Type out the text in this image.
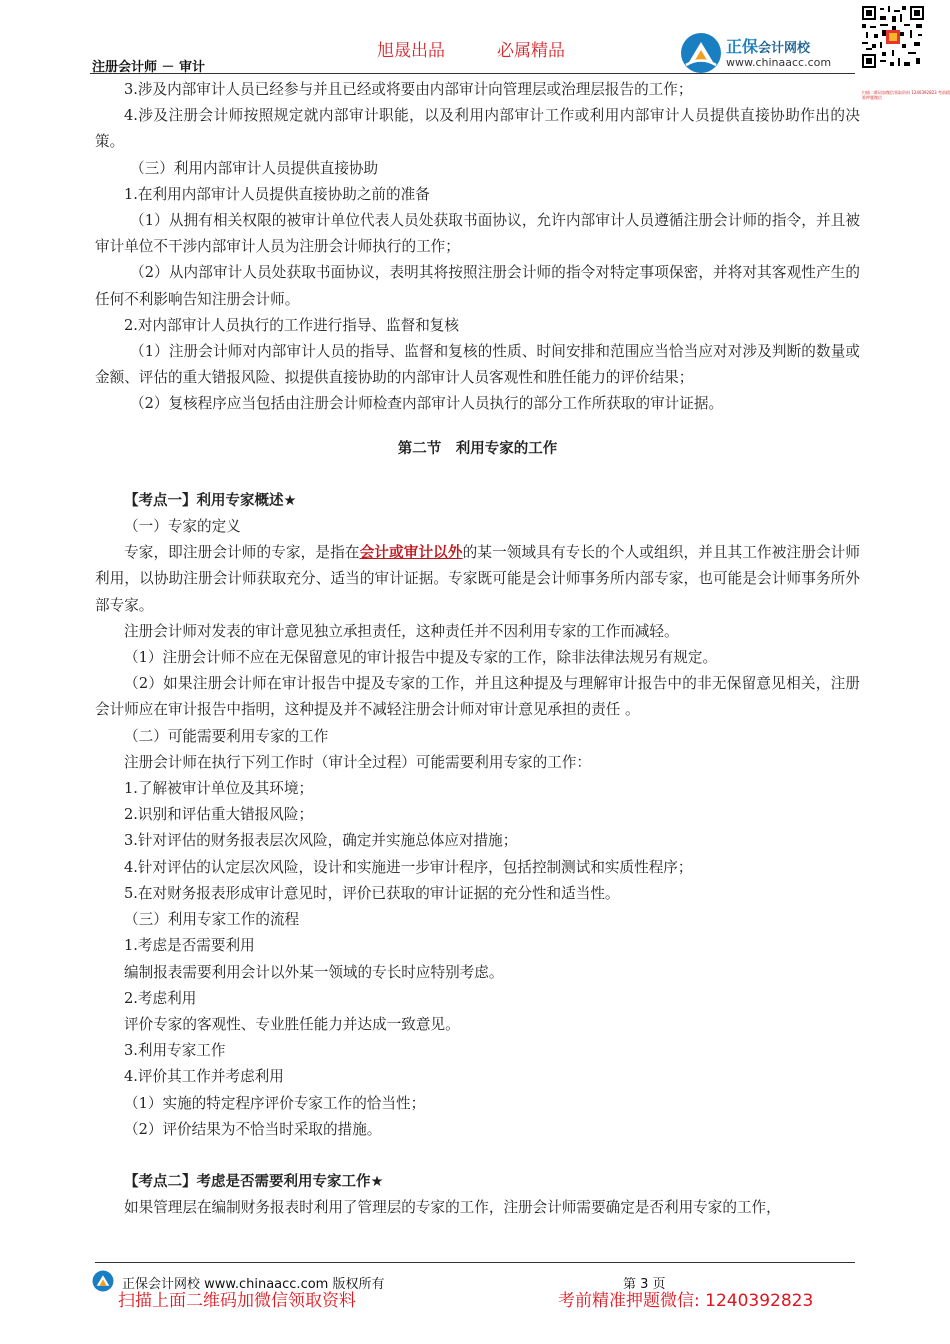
注册会计师 － 审计
旭晟出品	必属精品	正保会计网校
www.chinaacc.com
扫描二维码加微信领取资料 1240392823 考前精准押题微信

3.涉及内部审计人员已经参与并且已经或将要由内部审计向管理层或治理层报告的工作；

4.涉及注册会计师按照规定就内部审计职能，以及利用内部审计工作或利用内部审计人员提供直接协助作出的决策。

（三）利用内部审计人员提供直接协助

1.在利用内部审计人员提供直接协助之前的准备

（1）从拥有相关权限的被审计单位代表人员处获取书面协议，允许内部审计人员遵循注册会计师的指令，并且被审计单位不干涉内部审计人员为注册会计师执行的工作；

（2）从内部审计人员处获取书面协议，表明其将按照注册会计师的指令对特定事项保密，并将对其客观性产生的任何不利影响告知注册会计师。

2.对内部审计人员执行的工作进行指导、监督和复核

（1）注册会计师对内部审计人员的指导、监督和复核的性质、时间安排和范围应当恰当应对对涉及判断的数量或金额、评估的重大错报风险、拟提供直接协助的内部审计人员客观性和胜任能力的评价结果；

（2）复核程序应当包括由注册会计师检查内部审计人员执行的部分工作所获取的审计证据。

第二节　利用专家的工作

【考点一】利用专家概述★

（一）专家的定义

专家，即注册会计师的专家，是指在会计或审计以外的某一领域具有专长的个人或组织，并且其工作被注册会计师利用，以协助注册会计师获取充分、适当的审计证据。专家既可能是会计师事务所内部专家，也可能是会计师事务所外部专家。

注册会计师对发表的审计意见独立承担责任，这种责任并不因利用专家的工作而减轻。

（1）注册会计师不应在无保留意见的审计报告中提及专家的工作，除非法律法规另有规定。

（2）如果注册会计师在审计报告中提及专家的工作，并且这种提及与理解审计报告中的非无保留意见相关，注册会计师应在审计报告中指明，这种提及并不减轻注册会计师对审计意见承担的责任 。

（二）可能需要利用专家的工作

注册会计师在执行下列工作时（审计全过程）可能需要利用专家的工作：

1.了解被审计单位及其环境；

2.识别和评估重大错报风险；

3.针对评估的财务报表层次风险，确定并实施总体应对措施；

4.针对评估的认定层次风险，设计和实施进一步审计程序，包括控制测试和实质性程序；

5.在对财务报表形成审计意见时，评价已获取的审计证据的充分性和适当性。

（三）利用专家工作的流程

1.考虑是否需要利用

编制报表需要利用会计以外某一领域的专长时应特别考虑。

2.考虑利用

评价专家的客观性、专业胜任能力并达成一致意见。

3.利用专家工作

4.评价其工作并考虑利用

（1）实施的特定程序评价专家工作的恰当性；

（2）评价结果为不恰当时采取的措施。

【考点二】考虑是否需要利用专家工作★

如果管理层在编制财务报表时利用了管理层的专家的工作，注册会计师需要确定是否利用专家的工作，

正保会计网校 www.chinaacc.com 版权所有	第 3 页
扫描上面二维码加微信领取资料	考前精准押题微信: 1240392823
